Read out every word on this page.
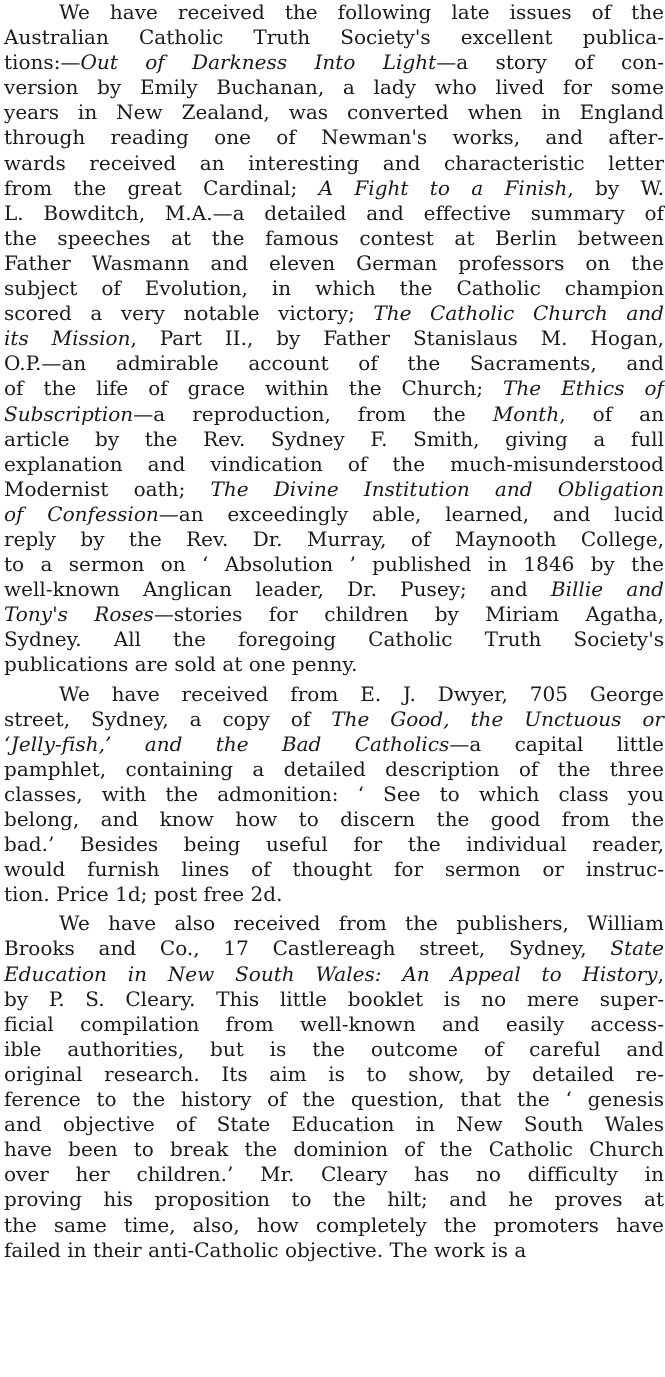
We have received the following late issues of the
Australian Catholic Truth Society's excellent publica-
tions:—Out of Darkness Into Light—a story of con-
version by Emily Buchanan, a lady who lived for some
years in New Zealand, was converted when in England
through reading one of Newman's works, and after-
wards received an interesting and characteristic letter
from the great Cardinal; A Fight to a Finish, by W.
L. Bowditch, M.A.—a detailed and effective summary of
the speeches at the famous contest at Berlin between
Father Wasmann and eleven German professors on the
subject of Evolution, in which the Catholic champion
scored a very notable victory; The Catholic Church and
its Mission, Part II., by Father Stanislaus M. Hogan,
O.P.—an admirable account of the Sacraments, and
of the life of grace within the Church; The Ethics of
Subscription—a reproduction, from the Month, of an
article by the Rev. Sydney F. Smith, giving a full
explanation and vindication of the much-misunderstood
Modernist oath; The Divine Institution and Obligation
of Confession—an exceedingly able, learned, and lucid
reply by the Rev. Dr. Murray, of Maynooth College,
to a sermon on ‘ Absolution ’ published in 1846 by the
well-known Anglican leader, Dr. Pusey; and Billie and
Tony's Roses—stories for children by Miriam Agatha,
Sydney. All the foregoing Catholic Truth Society's
publications are sold at one penny.
We have received from E. J. Dwyer, 705 George
street, Sydney, a copy of The Good, the Unctuous or
‘Jelly-fish,’ and the Bad Catholics—a capital little
pamphlet, containing a detailed description of the three
classes, with the admonition: ‘ See to which class you
belong, and know how to discern the good from the
bad.’ Besides being useful for the individual reader,
would furnish lines of thought for sermon or instruc-
tion. Price 1d; post free 2d.
We have also received from the publishers, William
Brooks and Co., 17 Castlereagh street, Sydney, State
Education in New South Wales: An Appeal to History,
by P. S. Cleary. This little booklet is no mere super-
ficial compilation from well-known and easily access-
ible authorities, but is the outcome of careful and
original research. Its aim is to show, by detailed re-
ference to the history of the question, that the ‘ genesis
and objective of State Education in New South Wales
have been to break the dominion of the Catholic Church
over her children.’ Mr. Cleary has no difficulty in
proving his proposition to the hilt; and he proves at
the same time, also, how completely the promoters have
failed in their anti-Catholic objective. The work is a
